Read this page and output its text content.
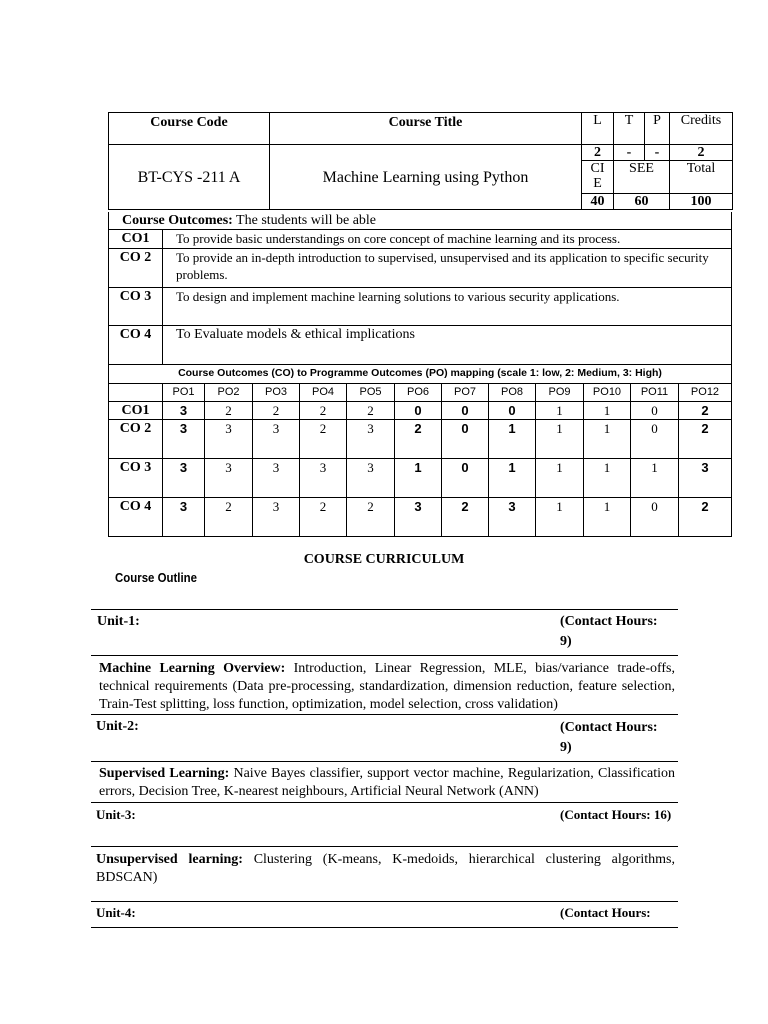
Course Code	Course Title	L	T	P	Credits
BT-CYS -211 A	Machine Learning using Python	2	-	-	2
		CIE	SEE		Total
		40	60		100
Course Outcomes: The students will be able	
CO1	To provide basic understandings on core concept of machine learning and its process.
CO 2	To provide an in-depth introduction to supervised, unsupervised and its application to specific security problems.
CO 3	To design and implement machine learning solutions to various security applications.
CO 4	To Evaluate models & ethical implications
Course Outcomes (CO) to Programme Outcomes (PO) mapping (scale 1: low, 2: Medium, 3: High)												
	PO1	PO2	PO3	PO4	PO5	PO6	PO7	PO8	PO9	PO10	PO11	PO12
CO1	3	2	2	2	2	0	0	0	1	1	0	2
CO 2	3	3	3	2	3	2	0	1	1	1	0	2
CO 3	3	3	3	3	3	1	0	1	1	1	1	3
CO 4	3	2	3	2	2	3	2	3	1	1	0	2
COURSE CURRICULUM
Course Outline
Unit-1:	(Contact Hours: 9)
Machine Learning Overview: Introduction, Linear Regression, MLE, bias/variance trade-offs, technical requirements (Data pre-processing, standardization, dimension reduction, feature selection, Train-Test splitting, loss function, optimization, model selection, cross validation)
Unit-2:	(Contact Hours: 9)
Supervised Learning: Naive Bayes classifier, support vector machine, Regularization, Classification errors, Decision Tree, K-nearest neighbours, Artificial Neural Network (ANN)
Unit-3:	(Contact Hours: 16)
Unsupervised learning: Clustering (K-means, K-medoids, hierarchical clustering algorithms, BDSCAN)
Unit-4:	(Contact Hours:
